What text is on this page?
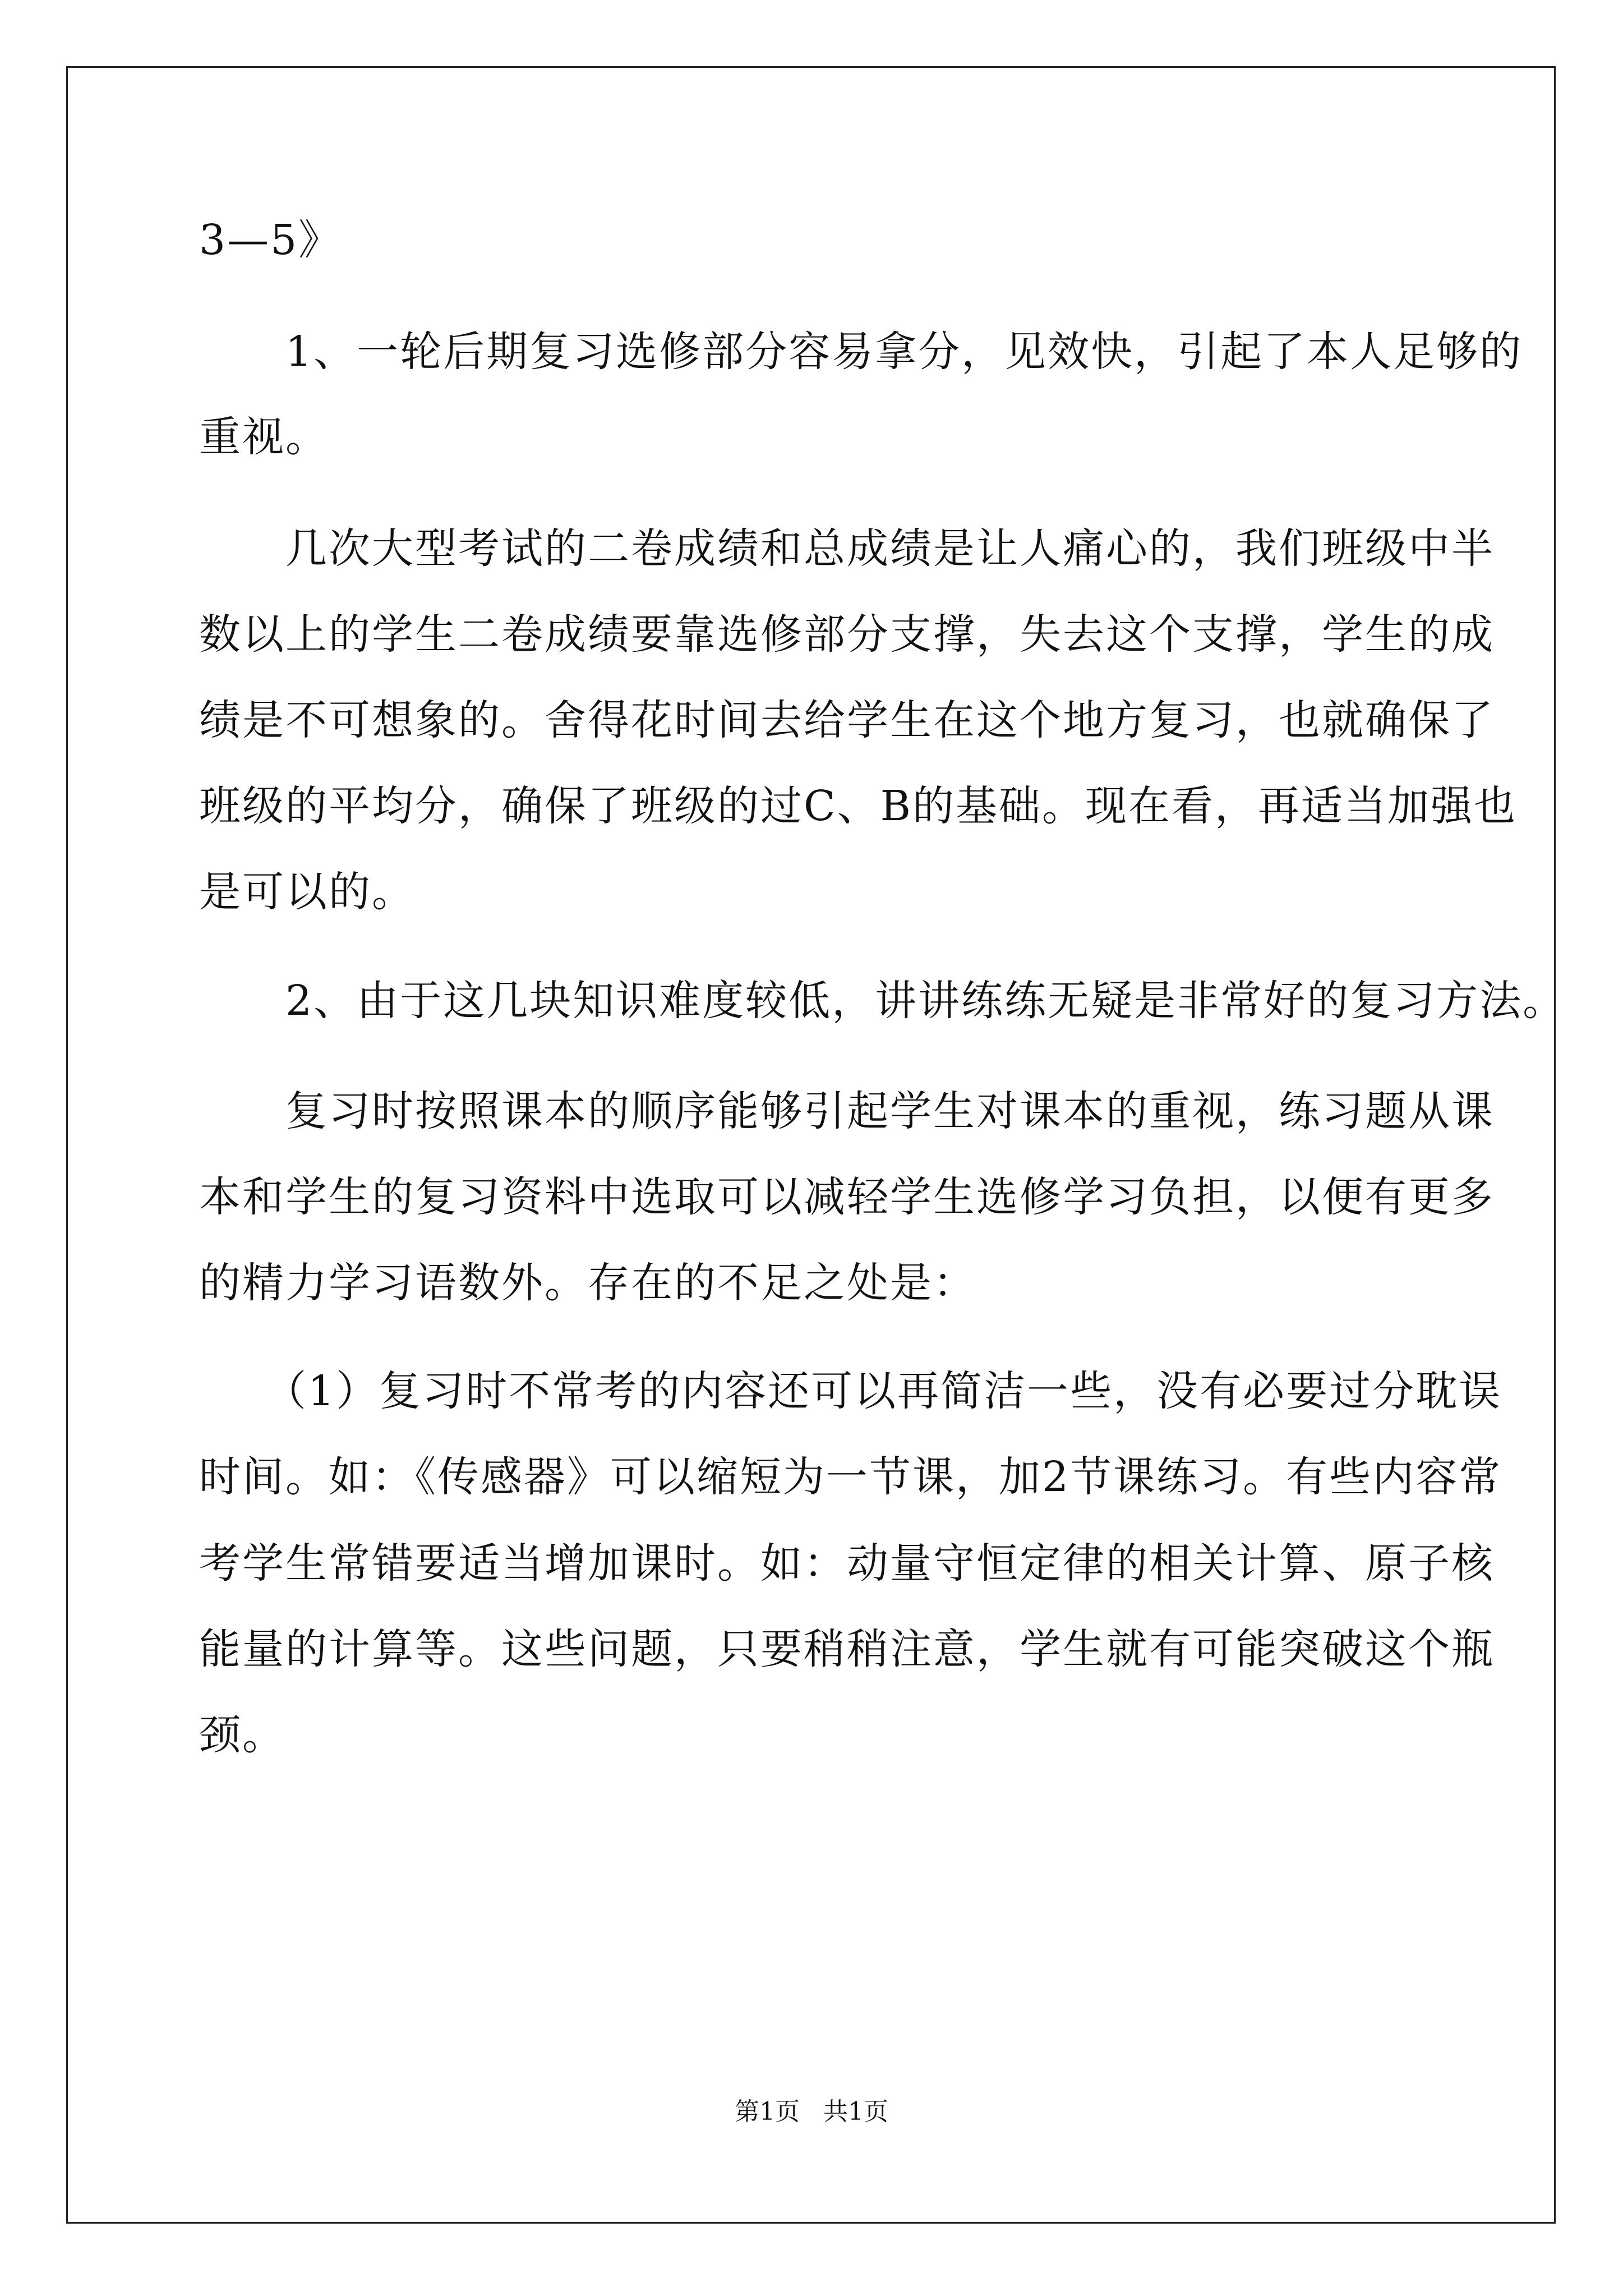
3—5》
　　1、一轮后期复习选修部分容易拿分，见效快，引起了本人足够的
重视。
　　几次大型考试的二卷成绩和总成绩是让人痛心的，我们班级中半
数以上的学生二卷成绩要靠选修部分支撑，失去这个支撑，学生的成
绩是不可想象的。舍得花时间去给学生在这个地方复习，也就确保了
班级的平均分，确保了班级的过C、B的基础。现在看，再适当加强也
是可以的。
　　2、由于这几块知识难度较低，讲讲练练无疑是非常好的复习方法。
　　复习时按照课本的顺序能够引起学生对课本的重视，练习题从课
本和学生的复习资料中选取可以减轻学生选修学习负担，以便有更多
的精力学习语数外。存在的不足之处是：
　　（1）复习时不常考的内容还可以再简洁一些，没有必要过分耽误
时间。如：《传感器》可以缩短为一节课，加2节课练习。有些内容常
考学生常错要适当增加课时。如：动量守恒定律的相关计算、原子核
能量的计算等。这些问题，只要稍稍注意，学生就有可能突破这个瓶
颈。
第1页 共1页
